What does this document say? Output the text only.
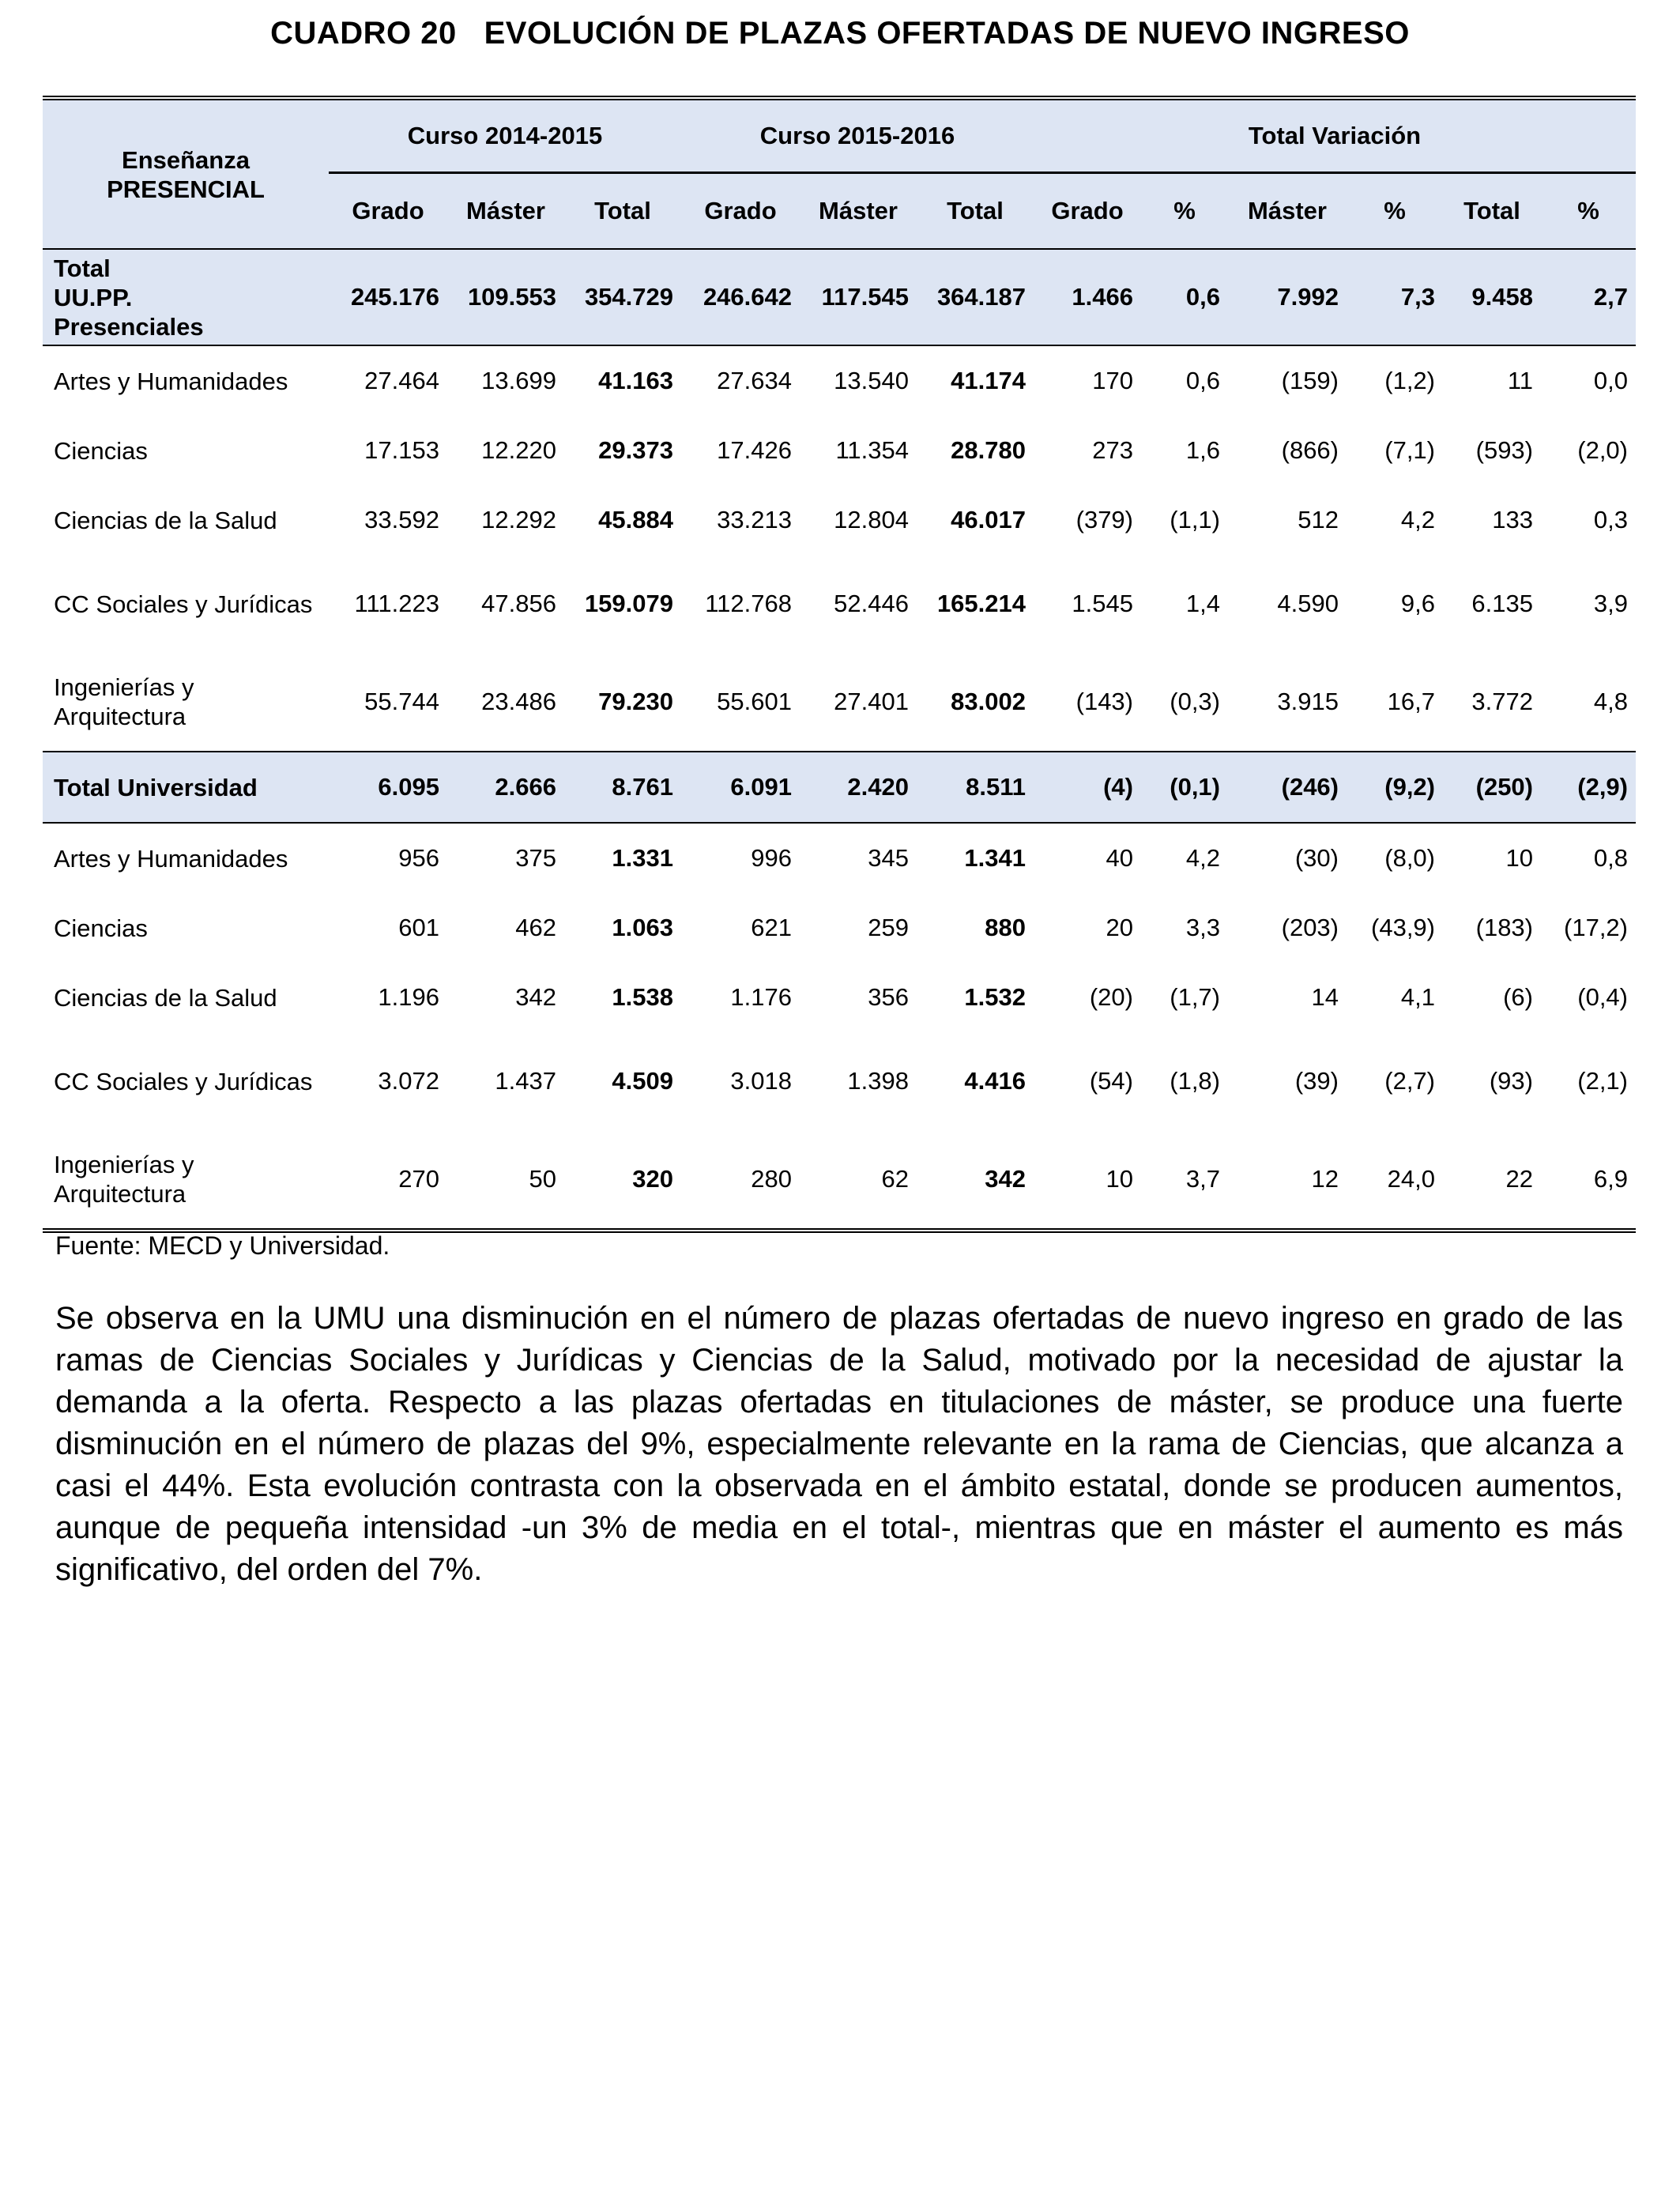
CUADRO 20   EVOLUCIÓN DE PLAZAS OFERTADAS DE NUEVO INGRESO
Enseñanza
PRESENCIAL	Curso 2014-2015			Curso 2015-2016			Total Variación					
	Grado	Máster	Total	Grado	Máster	Total	Grado	%	Máster	%	Total	%
Total UU.PP. Presenciales	245.176	109.553	354.729	246.642	117.545	364.187	1.466	0,6	7.992	7,3	9.458	2,7
Artes y Humanidades	27.464	13.699	41.163	27.634	13.540	41.174	170	0,6	(159)	(1,2)	11	0,0
Ciencias	17.153	12.220	29.373	17.426	11.354	28.780	273	1,6	(866)	(7,1)	(593)	(2,0)
Ciencias de la Salud	33.592	12.292	45.884	33.213	12.804	46.017	(379)	(1,1)	512	4,2	133	0,3
CC Sociales y Jurídicas	111.223	47.856	159.079	112.768	52.446	165.214	1.545	1,4	4.590	9,6	6.135	3,9
Ingenierías y Arquitectura	55.744	23.486	79.230	55.601	27.401	83.002	(143)	(0,3)	3.915	16,7	3.772	4,8
Total Universidad	6.095	2.666	8.761	6.091	2.420	8.511	(4)	(0,1)	(246)	(9,2)	(250)	(2,9)
Artes y Humanidades	956	375	1.331	996	345	1.341	40	4,2	(30)	(8,0)	10	0,8
Ciencias	601	462	1.063	621	259	880	20	3,3	(203)	(43,9)	(183)	(17,2)
Ciencias de la Salud	1.196	342	1.538	1.176	356	1.532	(20)	(1,7)	14	4,1	(6)	(0,4)
CC Sociales y Jurídicas	3.072	1.437	4.509	3.018	1.398	4.416	(54)	(1,8)	(39)	(2,7)	(93)	(2,1)
Ingenierías y Arquitectura	270	50	320	280	62	342	10	3,7	12	24,0	22	6,9
Fuente: MECD y Universidad.
Se observa en la UMU una disminución en el número de plazas ofertadas de nuevo ingreso en grado de las ramas de Ciencias Sociales y Jurídicas y Ciencias de la Salud, motivado por la necesidad de ajustar la demanda a la oferta. Respecto a las plazas ofertadas en titulaciones de máster, se produce una fuerte disminución en el número de plazas del 9%, especialmente relevante en la rama de Ciencias, que alcanza a casi el 44%. Esta evolución contrasta con la observada en el ámbito estatal, donde se producen aumentos, aunque de pequeña intensidad -un 3% de media en el total-, mientras que en máster el aumento es más significativo, del orden del 7%.
